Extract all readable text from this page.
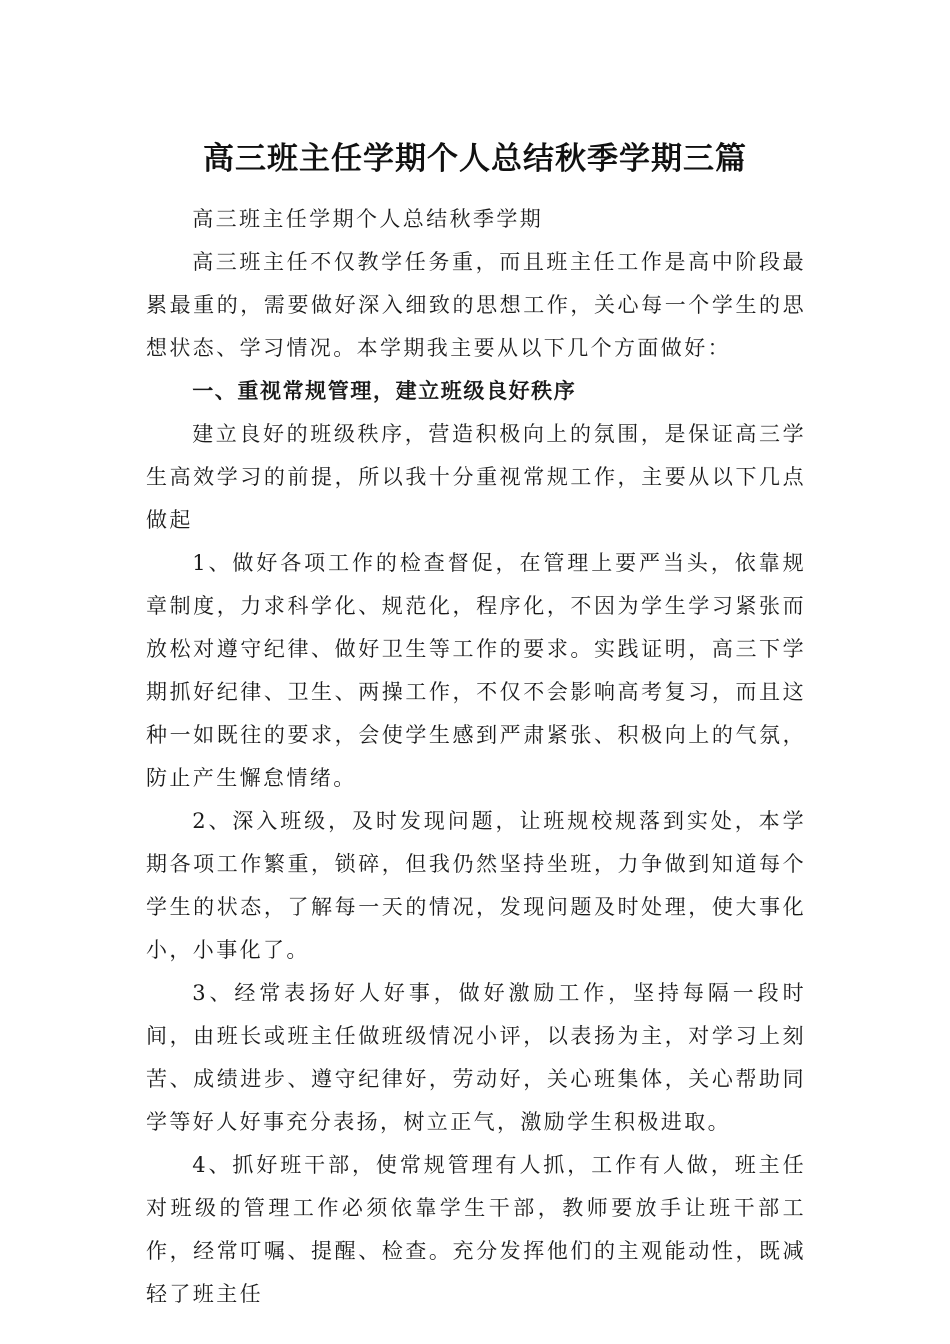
高三班主任学期个人总结秋季学期三篇

高三班主任学期个人总结秋季学期

高三班主任不仅教学任务重，而且班主任工作是高中阶段最累最重的，需要做好深入细致的思想工作，关心每一个学生的思想状态、学习情况。本学期我主要从以下几个方面做好：

一、重视常规管理，建立班级良好秩序

建立良好的班级秩序，营造积极向上的氛围，是保证高三学生高效学习的前提，所以我十分重视常规工作，主要从以下几点做起

1、做好各项工作的检查督促，在管理上要严当头，依靠规章制度，力求科学化、规范化，程序化，不因为学生学习紧张而放松对遵守纪律、做好卫生等工作的要求。实践证明，高三下学期抓好纪律、卫生、两操工作，不仅不会影响高考复习，而且这种一如既往的要求，会使学生感到严肃紧张、积极向上的气氛，防止产生懈怠情绪。

2、深入班级，及时发现问题，让班规校规落到实处，本学期各项工作繁重，锁碎，但我仍然坚持坐班，力争做到知道每个学生的状态，了解每一天的情况，发现问题及时处理，使大事化小，小事化了。

3、经常表扬好人好事，做好激励工作，坚持每隔一段时间，由班长或班主任做班级情况小评，以表扬为主，对学习上刻苦、成绩进步、遵守纪律好，劳动好，关心班集体，关心帮助同学等好人好事充分表扬，树立正气，激励学生积极进取。

4、抓好班干部，使常规管理有人抓，工作有人做，班主任对班级的管理工作必须依靠学生干部，教师要放手让班干部工作，经常叮嘱、提醒、检查。充分发挥他们的主观能动性，既减轻了班主任
